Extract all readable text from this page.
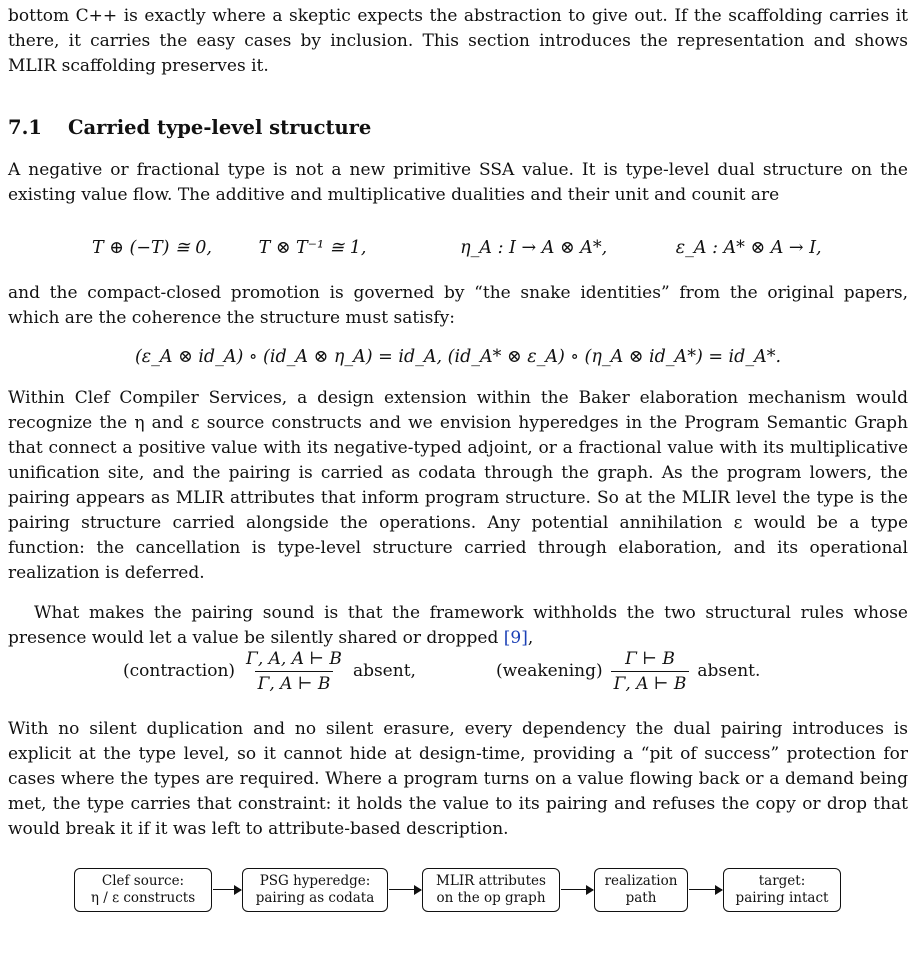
bottom C++ is exactly where a skeptic expects the abstraction to give out. If the scaffolding carries it there, it carries the easy cases by inclusion. This section introduces the representation and shows MLIR scaffolding preserves it.

7.1 Carried type-level structure

A negative or fractional type is not a new primitive SSA value. It is type-level dual structure on the existing value flow. The additive and multiplicative dualities and their unit and counit are

T ⊕ (−T) ≅ 0,	T ⊗ T⁻¹ ≅ 1,	η_A : I → A ⊗ A*,	ε_A : A* ⊗ A → I,

and the compact-closed promotion is governed by “the snake identities” from the original papers, which are the coherence the structure must satisfy:

(ε_A ⊗ id_A) ∘ (id_A ⊗ η_A) = id_A, (id_A* ⊗ ε_A) ∘ (η_A ⊗ id_A*) = id_A*.

Within Clef Compiler Services, a design extension within the Baker elaboration mechanism would recognize the η and ε source constructs and we envision hyperedges in the Program Semantic Graph that connect a positive value with its negative-typed adjoint, or a fractional value with its multiplicative unification site, and the pairing is carried as codata through the graph. As the program lowers, the pairing appears as MLIR attributes that inform program structure. So at the MLIR level the type is the pairing structure carried alongside the operations. Any potential annihilation ε would be a type function: the cancellation is type-level structure carried through elaboration, and its operational realization is deferred.

What makes the pairing sound is that the framework withholds the two structural rules whose presence would let a value be silently shared or dropped [9],

(contraction) $\frac{\Gamma, A, A ⊢ B}{\Gamma, A ⊢ B}$ absent,	(weakening) $\frac{\Gamma ⊢ B}{\Gamma, A ⊢ B}$ absent.

With no silent duplication and no silent erasure, every dependency the dual pairing introduces is explicit at the type level, so it cannot hide at design-time, providing a “pit of success” protection for cases where the types are required. Where a program turns on a value flowing back or a demand being met, the type carries that constraint: it holds the value to its pairing and refuses the copy or drop that would break it if it was left to attribute-based description.

Clef source:
η / ε constructs
PSG hyperedge:
pairing as codata
MLIR attributes
on the op graph
realization
path
target:
pairing intact
